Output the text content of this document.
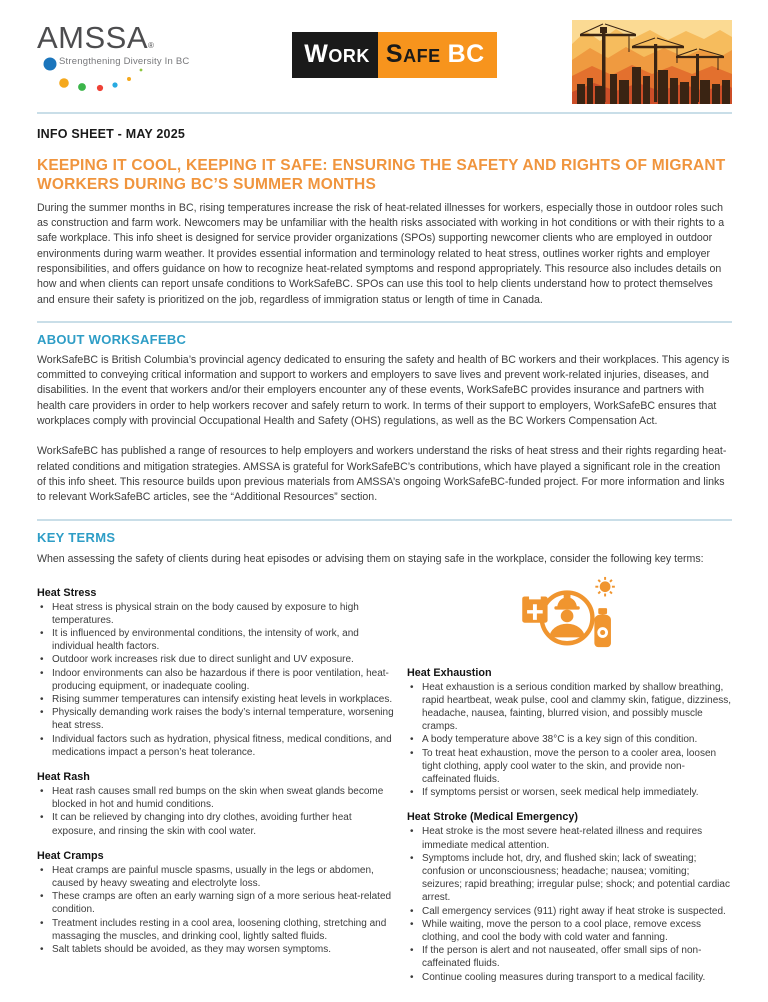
AMSSA®
Strengthening Diversity In BC	Work Safe BC
INFO SHEET - MAY 2025
KEEPING IT COOL, KEEPING IT SAFE: ENSURING THE SAFETY AND RIGHTS OF MIGRANT WORKERS DURING BC’S SUMMER MONTHS

During the summer months in BC, rising temperatures increase the risk of heat-related illnesses for workers, especially those in outdoor roles such as construction and farm work. Newcomers may be unfamiliar with the health risks associated with working in hot conditions or with their rights to a safe workplace. This info sheet is designed for service provider organizations (SPOs) supporting newcomer clients who are employed in outdoor environments during warm weather. It provides essential information and terminology related to heat stress, outlines worker rights and employer responsibilities, and offers guidance on how to recognize heat-related symptoms and respond appropriately. This resource also includes details on how and when clients can report unsafe conditions to WorkSafeBC. SPOs can use this tool to help clients understand how to protect themselves and ensure their safety is prioritized on the job, regardless of immigration status or length of time in Canada.

ABOUT WORKSAFEBC

WorkSafeBC is British Columbia’s provincial agency dedicated to ensuring the safety and health of BC workers and their workplaces. This agency is committed to conveying critical information and support to workers and employers to save lives and prevent work-related injuries, diseases, and disabilities. In the event that workers and/or their employers encounter any of these events, WorkSafeBC provides insurance and partners with health care providers in order to help workers recover and safely return to work. In terms of their support to employers, WorkSafeBC ensures that workplaces comply with provincial Occupational Health and Safety (OHS) regulations, as well as the BC Workers Compensation Act.

WorkSafeBC has published a range of resources to help employers and workers understand the risks of heat stress and their rights regarding heat-related conditions and mitigation strategies. AMSSA is grateful for WorkSafeBC’s contributions, which have played a significant role in the creation of this info sheet. This resource builds upon previous materials from AMSSA’s ongoing WorkSafeBC-funded project. For more information and links to relevant WorkSafeBC articles, see the “Additional Resources” section.

KEY TERMS

When assessing the safety of clients during heat episodes or advising them on staying safe in the workplace, consider the following key terms:

Heat Stress
• Heat stress is physical strain on the body caused by exposure to high temperatures.
• It is influenced by environmental conditions, the intensity of work, and individual health factors.
• Outdoor work increases risk due to direct sunlight and UV exposure.
• Indoor environments can also be hazardous if there is poor ventilation, heat-producing equipment, or inadequate cooling.
• Rising summer temperatures can intensify existing heat levels in workplaces.
• Physically demanding work raises the body’s internal temperature, worsening heat stress.
• Individual factors such as hydration, physical fitness, medical conditions, and medications impact a person’s heat tolerance.
Heat Rash
• Heat rash causes small red bumps on the skin when sweat glands become blocked in hot and humid conditions.
• It can be relieved by changing into dry clothes, avoiding further heat exposure, and rinsing the skin with cool water.
Heat Cramps
• Heat cramps are painful muscle spasms, usually in the legs or abdomen, caused by heavy sweating and electrolyte loss.
• These cramps are often an early warning sign of a more serious heat-related condition.
• Treatment includes resting in a cool area, loosening clothing, stretching and massaging the muscles, and drinking cool, lightly salted fluids.
• Salt tablets should be avoided, as they may worsen symptoms.
Heat Exhaustion
• Heat exhaustion is a serious condition marked by shallow breathing, rapid heartbeat, weak pulse, cool and clammy skin, fatigue, dizziness, headache, nausea, fainting, blurred vision, and possibly muscle cramps.
• A body temperature above 38°C is a key sign of this condition.
• To treat heat exhaustion, move the person to a cooler area, loosen tight clothing, apply cool water to the skin, and provide non-caffeinated fluids.
• If symptoms persist or worsen, seek medical help immediately.
Heat Stroke (Medical Emergency)
• Heat stroke is the most severe heat-related illness and requires immediate medical attention.
• Symptoms include hot, dry, and flushed skin; lack of sweating; confusion or unconsciousness; headache; nausea; vomiting; seizures; rapid breathing; irregular pulse; shock; and potential cardiac arrest.
• Call emergency services (911) right away if heat stroke is suspected.
• While waiting, move the person to a cool place, remove excess clothing, and cool the body with cold water and fanning.
• If the person is alert and not nauseated, offer small sips of non-caffeinated fluids.
• Continue cooling measures during transport to a medical facility.
